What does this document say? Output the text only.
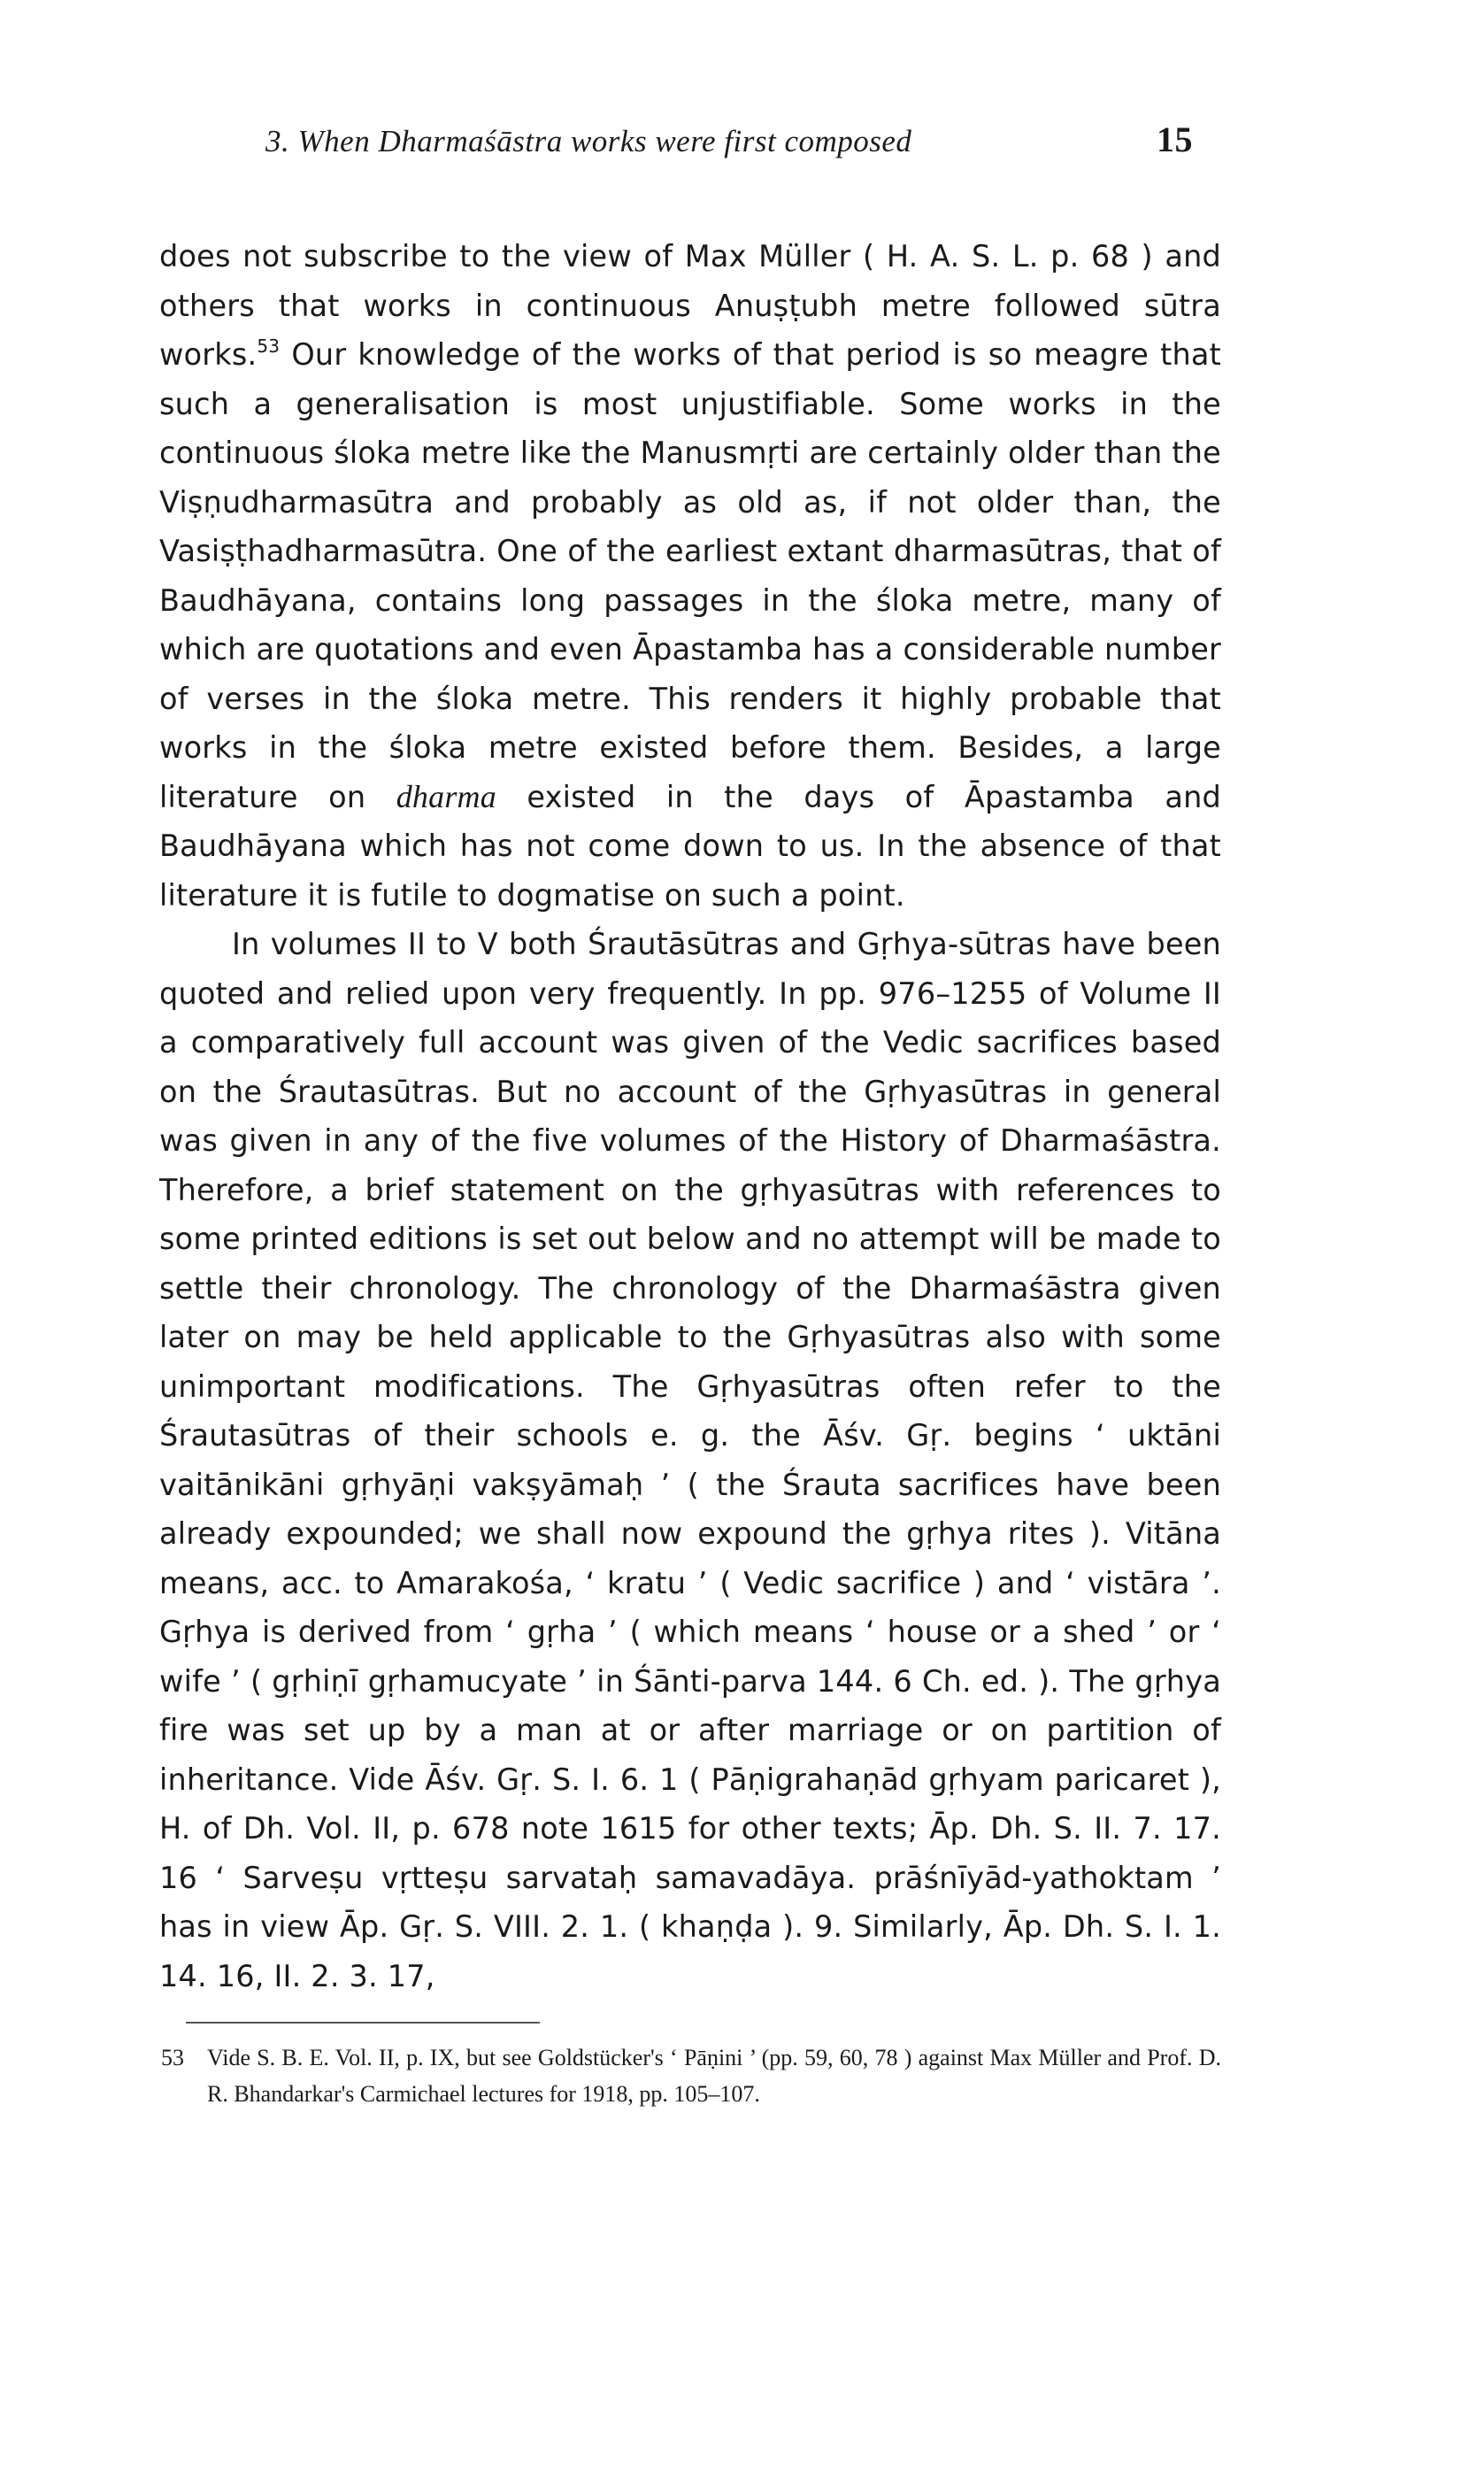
3. When Dharmaśāstra works were first composed	15

does not subscribe to the view of Max Müller ( H. A. S. L. p. 68 ) and others that works in continuous Anuṣṭubh metre followed sūtra works.$^{53}$ Our knowledge of the works of that period is so meagre that such a generalisation is most unjustifiable. Some works in the continuous śloka metre like the Manusmṛti are certainly older than the Viṣṇudharmasūtra and probably as old as, if not older than, the Vasiṣṭhadharmasūtra. One of the earliest extant dharmasūtras, that of Baudhāyana, contains long passages in the śloka metre, many of which are quotations and even Āpastamba has a considerable number of verses in the śloka metre. This renders it highly probable that works in the śloka metre existed before them. Besides, a large literature on dharma existed in the days of Āpastamba and Baudhāyana which has not come down to us. In the absence of that literature it is futile to dogmatise on such a point.

In volumes II to V both Śrautāsūtras and Gṛhya-sūtras have been quoted and relied upon very frequently. In pp. 976–1255 of Volume II a comparatively full account was given of the Vedic sacrifices based on the Śrautasūtras. But no account of the Gṛhyasūtras in general was given in any of the five volumes of the History of Dharmaśāstra. Therefore, a brief statement on the gṛhyasūtras with references to some printed editions is set out below and no attempt will be made to settle their chronology. The chronology of the Dharmaśāstra given later on may be held applicable to the Gṛhyasūtras also with some unimportant modifications. The Gṛhyasūtras often refer to the Śrautasūtras of their schools e. g. the Āśv. Gṛ. begins ‘ uktāni vaitānikāni gṛhyāṇi vakṣyāmaḥ ’ ( the Śrauta sacrifices have been already expounded; we shall now expound the gṛhya rites ). Vitāna means, acc. to Amarakośa, ‘ kratu ’ ( Vedic sacrifice ) and ‘ vistāra ’. Gṛhya is derived from ‘ gṛha ’ ( which means ‘ house or a shed ’ or ‘ wife ’ ( gṛhiṇī gṛhamucyate ’ in Śānti-parva 144. 6 Ch. ed. ). The gṛhya fire was set up by a man at or after marriage or on partition of inheritance. Vide Āśv. Gṛ. S. I. 6. 1 ( Pāṇigrahaṇād gṛhyam paricaret ), H. of Dh. Vol. II, p. 678 note 1615 for other texts; Āp. Dh. S. II. 7. 17. 16 ‘ Sarveṣu vṛtteṣu sarvataḥ samavadāya. prāśnīyād-yathoktam ’ has in view Āp. Gṛ. S. VIII. 2. 1. ( khaṇḍa ). 9. Similarly, Āp. Dh. S. I. 1. 14. 16, II. 2. 3. 17,

53 Vide S. B. E. Vol. II, p. IX, but see Goldstücker's ‘ Pāṇini ’ (pp. 59, 60, 78 ) against Max Müller and Prof. D. R. Bhandarkar's Carmichael lectures for 1918, pp. 105–107.
